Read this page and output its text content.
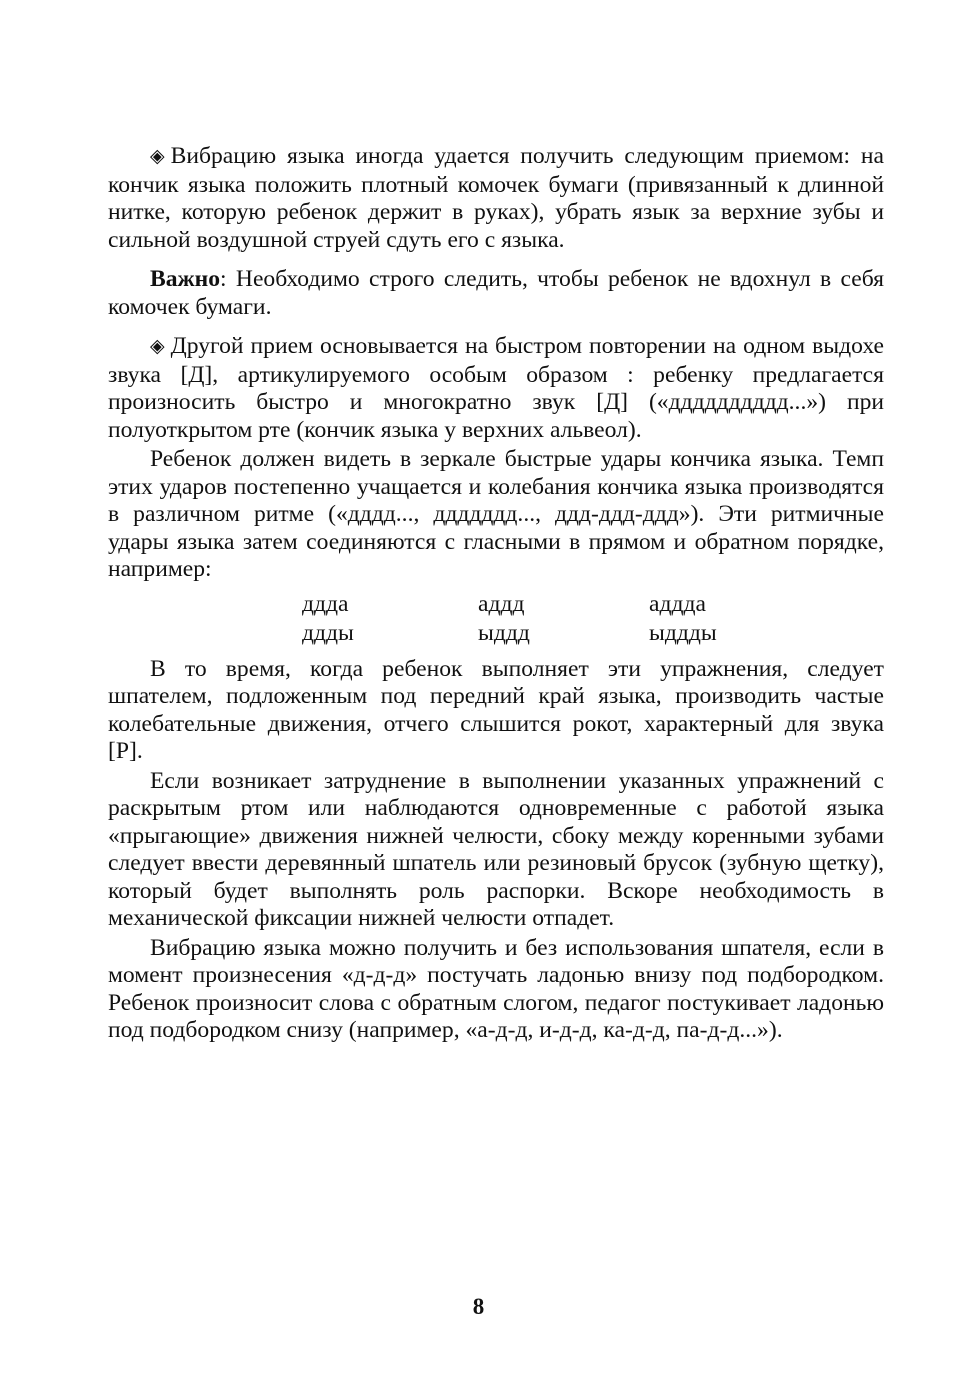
◈ Вибрацию языка иногда удается получить следующим приемом: на кончик языка положить плотный комочек бумаги (привязанный к длинной нитке, которую ребенок держит в руках), убрать язык за верхние зубы и сильной воздушной струей сдуть его с языка.

Важно: Необходимо строго следить, чтобы ребенок не вдохнул в себя комочек бумаги.

◈ Другой прием основывается на быстром повторении на одном выдохе звука [Д], артикулируемого особым образом : ребенку предлагается произносить быстро и многократно звук [Д] («дддддддддд...») при полуоткрытом рте (кончик языка у верхних альвеол).

Ребенок должен видеть в зеркале быстрые удары кончика языка. Темп этих ударов постепенно учащается и колебания кончика языка производятся в различном ритме («дддд..., ддддддд..., ддд-ддд-ддд»). Эти ритмичные удары языка затем соединяются с гласными в прямом и обратном порядке, например:

ддда	аддд	аддда
ддды	ыддд	ыддды

В то время, когда ребенок выполняет эти упражнения, следует шпателем, подложенным под передний край языка, производить частые колебательные движения, отчего слышится рокот, характерный для звука [Р].

Если возникает затруднение в выполнении указанных упражнений с раскрытым ртом или наблюдаются одновременные с работой языка «прыгающие» движения нижней челюсти, сбоку между коренными зубами следует ввести деревянный шпатель или резиновый брусок (зубную щетку), который будет выполнять роль распорки. Вскоре необходимость в механической фиксации нижней челюсти отпадет.

Вибрацию языка можно получить и без использования шпателя, если в момент произнесения «д-д-д» постучать ладонью внизу под подбородком. Ребенок произносит слова с обратным слогом, педагог постукивает ладонью под подбородком снизу (например, «а-д-д, и-д-д, ка-д-д, па-д-д...»).

8
